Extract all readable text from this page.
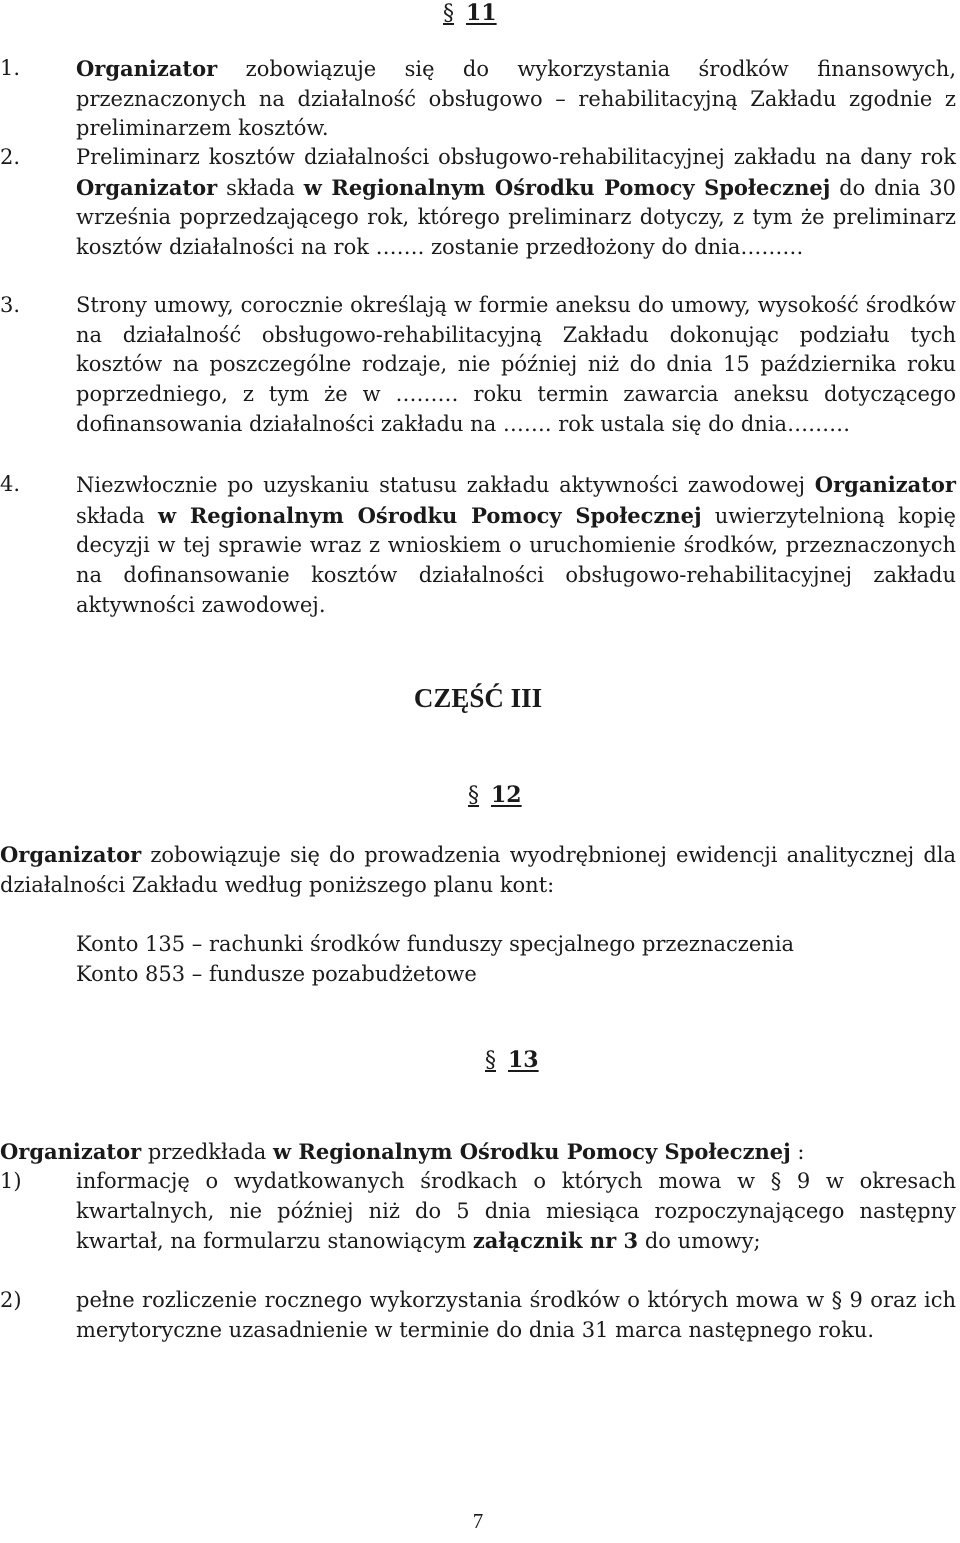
§ 11
1.	Organizator zobowiązuje się do wykorzystania środków finansowych, przeznaczonych na działalność obsługowo – rehabilitacyjną Zakładu zgodnie z preliminarzem kosztów.
2.	Preliminarz kosztów działalności obsługowo-rehabilitacyjnej zakładu na dany rok Organizator składa w Regionalnym Ośrodku Pomocy Społecznej do dnia 30 września poprzedzającego rok, którego preliminarz dotyczy, z tym że preliminarz kosztów działalności na rok ……. zostanie przedłożony do dnia………
3.	Strony umowy, corocznie określają w formie aneksu do umowy, wysokość środków na działalność obsługowo-rehabilitacyjną Zakładu dokonując podziału tych kosztów na poszczególne rodzaje, nie później niż do dnia 15 października roku poprzedniego, z tym że w ……… roku termin zawarcia aneksu dotyczącego dofinansowania działalności zakładu na ……. rok ustala się do dnia………
4.	Niezwłocznie po uzyskaniu statusu zakładu aktywności zawodowej Organizator składa w Regionalnym Ośrodku Pomocy Społecznej uwierzytelnioną kopię decyzji w tej sprawie wraz z wnioskiem o uruchomienie środków, przeznaczonych na dofinansowanie kosztów działalności obsługowo-rehabilitacyjnej zakładu aktywności zawodowej.
CZĘŚĆ III
§ 12
Organizator zobowiązuje się do prowadzenia wyodrębnionej ewidencji analitycznej dla działalności Zakładu według poniższego planu kont:
Konto 135 – rachunki środków funduszy specjalnego przeznaczenia
Konto 853 – fundusze pozabudżetowe
§ 13
Organizator przedkłada w Regionalnym Ośrodku Pomocy Społecznej :
1)	informację o wydatkowanych środkach o których mowa w § 9 w okresach kwartalnych, nie później niż do 5 dnia miesiąca rozpoczynającego następny kwartał, na formularzu stanowiącym załącznik nr 3 do umowy;
2)	pełne rozliczenie rocznego wykorzystania środków o których mowa w § 9 oraz ich merytoryczne uzasadnienie w terminie do dnia 31 marca następnego roku.
7
